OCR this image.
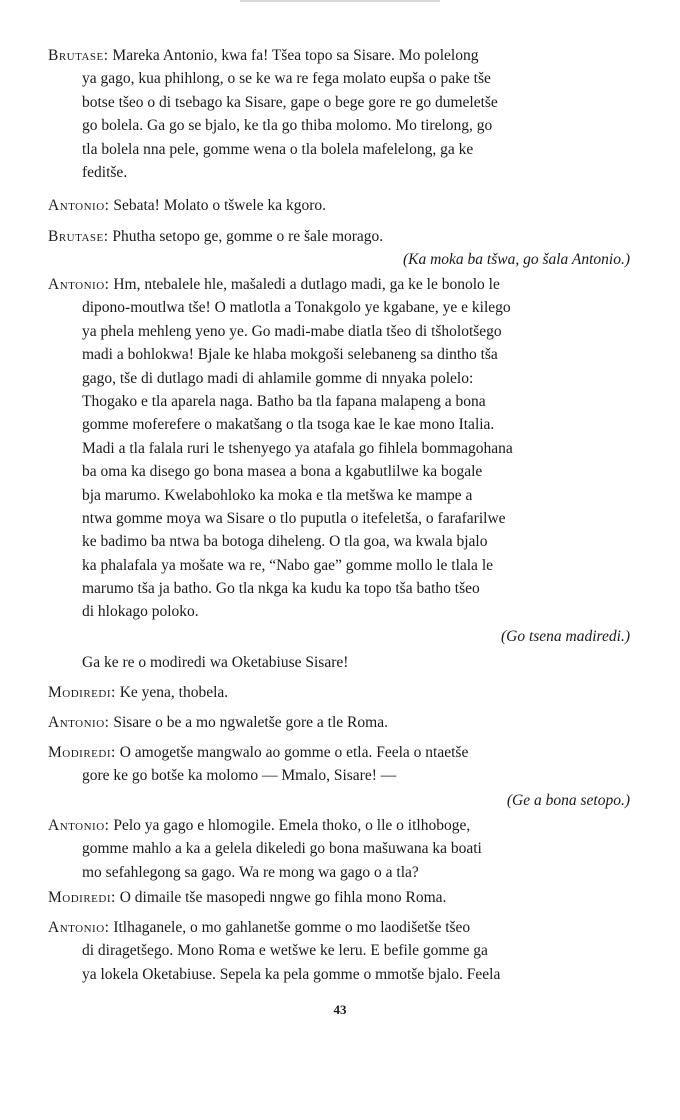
Brutase: Mareka Antonio, kwa fa! Tšea topo sa Sisare. Mo polelong
ya gago, kua phihlong, o se ke wa re fega molato eupša o pake tše
botse tšeo o di tsebago ka Sisare, gape o bege gore re go dumeletše
go bolela. Ga go se bjalo, ke tla go thiba molomo. Mo tirelong, go
tla bolela nna pele, gomme wena o tla bolela mafelelong, ga ke
feditše.
Antonio: Sebata! Molato o tšwele ka kgoro.
Brutase: Phutha setopo ge, gomme o re šale morago.
(Ka moka ba tšwa, go šala Antonio.)
Antonio: Hm, ntebalele hle, mašaledi a dutlago madi, ga ke le bonolo le
dipono-moutlwa tše! O matlotla a Tonakgolo ye kgabane, ye e kilego
ya phela mehleng yeno ye. Go madi-mabe diatla tšeo di tšholotšego
madi a bohlokwa! Bjale ke hlaba mokgoši selebaneng sa dintho tša
gago, tše di dutlago madi di ahlamile gomme di nnyaka polelo:
Thogako e tla aparela naga. Batho ba tla fapana malapeng a bona
gomme moferefere o makatšang o tla tsoga kae le kae mono Italia.
Madi a tla falala ruri le tshenyego ya atafala go fihlela bommagohana
ba oma ka disego go bona masea a bona a kgabutlilwe ka bogale
bja marumo. Kwelabohloko ka moka e tla metšwa ke mampe a
ntwa gomme moya wa Sisare o tlo puputla o itefeletša, o farafarilwe
ke badimo ba ntwa ba botoga diheleng. O tla goa, wa kwala bjalo
ka phalafala ya mošate wa re, “Nabo gae” gomme mollo le tlala le
marumo tša ja batho. Go tla nkga ka kudu ka topo tša batho tšeo
di hlokago poloko.
(Go tsena madiredi.)
Ga ke re o modiredi wa Oketabiuse Sisare!
Modiredi: Ke yena, thobela.
Antonio: Sisare o be a mo ngwaletše gore a tle Roma.
Modiredi: O amogetše mangwalo ao gomme o etla. Feela o ntaetše
gore ke go botše ka molomo — Mmalo, Sisare! —
(Ge a bona setopo.)
Antonio: Pelo ya gago e hlomogile. Emela thoko, o lle o itlhoboge,
gomme mahlo a ka a gelela dikeledi go bona mašuwana ka boati
mo sefahlegong sa gago. Wa re mong wa gago o a tla?
Modiredi: O dimaile tše masopedi nngwe go fihla mono Roma.
Antonio: Itlhaganele, o mo gahlanetše gomme o mo laodišetše tšeo
di diragetšego. Mono Roma e wetšwe ke leru. E befile gomme ga
ya lokela Oketabiuse. Sepela ka pela gomme o mmotše bjalo. Feela
43
